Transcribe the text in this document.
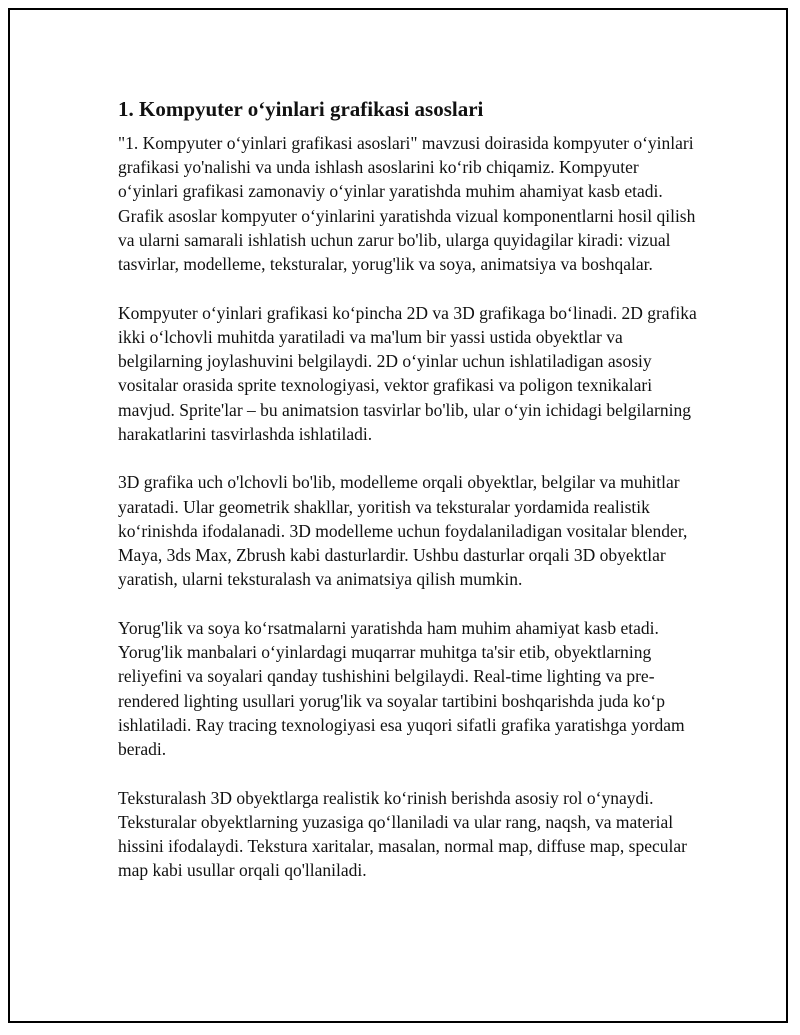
1. Kompyuter o‘yinlari grafikasi asoslari

"1. Kompyuter o‘yinlari grafikasi asoslari" mavzusi doirasida kompyuter o‘yinlari grafikasi yo'nalishi va unda ishlash asoslarini ko‘rib chiqamiz. Kompyuter o‘yinlari grafikasi zamonaviy o‘yinlar yaratishda muhim ahamiyat kasb etadi. Grafik asoslar kompyuter o‘yinlarini yaratishda vizual komponentlarni hosil qilish va ularni samarali ishlatish uchun zarur bo'lib, ularga quyidagilar kiradi: vizual tasvirlar, modelleme, teksturalar, yorug'lik va soya, animatsiya va boshqalar.

Kompyuter o‘yinlari grafikasi ko‘pincha 2D va 3D grafikaga bo‘linadi. 2D grafika ikki o‘lchovli muhitda yaratiladi va ma'lum bir yassi ustida obyektlar va belgilarning joylashuvini belgilaydi. 2D o‘yinlar uchun ishlatiladigan asosiy vositalar orasida sprite texnologiyasi, vektor grafikasi va poligon texnikalari mavjud. Sprite'lar – bu animatsion tasvirlar bo'lib, ular o‘yin ichidagi belgilarning harakatlarini tasvirlashda ishlatiladi.

3D grafika uch o'lchovli bo'lib, modelleme orqali obyektlar, belgilar va muhitlar yaratadi. Ular geometrik shakllar, yoritish va teksturalar yordamida realistik ko‘rinishda ifodalanadi. 3D modelleme uchun foydalaniladigan vositalar blender, Maya, 3ds Max, Zbrush kabi dasturlardir. Ushbu dasturlar orqali 3D obyektlar yaratish, ularni teksturalash va animatsiya qilish mumkin.

Yorug'lik va soya ko‘rsatmalarni yaratishda ham muhim ahamiyat kasb etadi. Yorug'lik manbalari o‘yinlardagi muqarrar muhitga ta'sir etib, obyektlarning reliyefini va soyalari qanday tushishini belgilaydi. Real-time lighting va pre-rendered lighting usullari yorug'lik va soyalar tartibini boshqarishda juda ko‘p ishlatiladi. Ray tracing texnologiyasi esa yuqori sifatli grafika yaratishga yordam beradi.

Teksturalash 3D obyektlarga realistik ko‘rinish berishda asosiy rol o‘ynaydi. Teksturalar obyektlarning yuzasiga qo‘llaniladi va ular rang, naqsh, va material hissini ifodalaydi. Tekstura xaritalar, masalan, normal map, diffuse map, specular map kabi usullar orqali qo'llaniladi.
